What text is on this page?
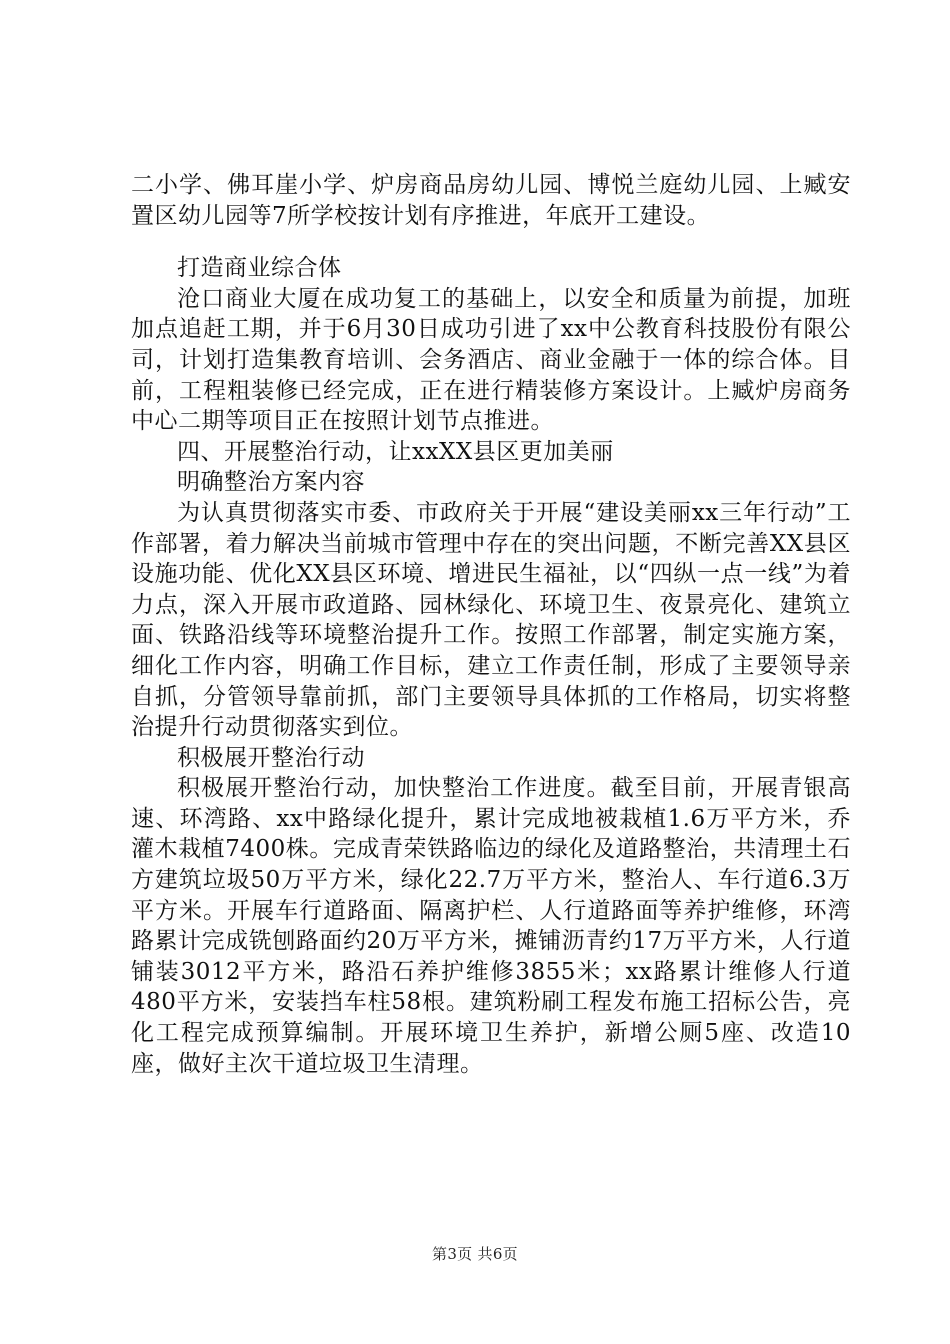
二小学、佛耳崖小学、炉房商品房幼儿园、博悦兰庭幼儿园、上臧安置区幼儿园等7所学校按计划有序推进，年底开工建设。

打造商业综合体

沧口商业大厦在成功复工的基础上，以安全和质量为前提，加班加点追赶工期，并于6月30日成功引进了xx中公教育科技股份有限公司，计划打造集教育培训、会务酒店、商业金融于一体的综合体。目前，工程粗装修已经完成，正在进行精装修方案设计。上臧炉房商务中心二期等项目正在按照计划节点推进。

四、开展整治行动，让xxXX县区更加美丽

明确整治方案内容

为认真贯彻落实市委、市政府关于开展“建设美丽xx三年行动”工作部署，着力解决当前城市管理中存在的突出问题，不断完善XX县区设施功能、优化XX县区环境、增进民生福祉，以“四纵一点一线”为着力点，深入开展市政道路、园林绿化、环境卫生、夜景亮化、建筑立面、铁路沿线等环境整治提升工作。按照工作部署，制定实施方案，细化工作内容，明确工作目标，建立工作责任制，形成了主要领导亲自抓，分管领导靠前抓，部门主要领导具体抓的工作格局，切实将整治提升行动贯彻落实到位。

积极展开整治行动

积极展开整治行动，加快整治工作进度。截至目前，开展青银高速、环湾路、xx中路绿化提升，累计完成地被栽植1.6万平方米，乔灌木栽植7400株。完成青荣铁路临边的绿化及道路整治，共清理土石方建筑垃圾50万平方米，绿化22.7万平方米，整治人、车行道6.3万平方米。开展车行道路面、隔离护栏、人行道路面等养护维修，环湾路累计完成铣刨路面约20万平方米，摊铺沥青约17万平方米，人行道铺装3012平方米，路沿石养护维修3855米；xx路累计维修人行道480平方米，安装挡车柱58根。建筑粉刷工程发布施工招标公告，亮化工程完成预算编制。开展环境卫生养护，新增公厕5座、改造10座，做好主次干道垃圾卫生清理。

第3页 共6页
